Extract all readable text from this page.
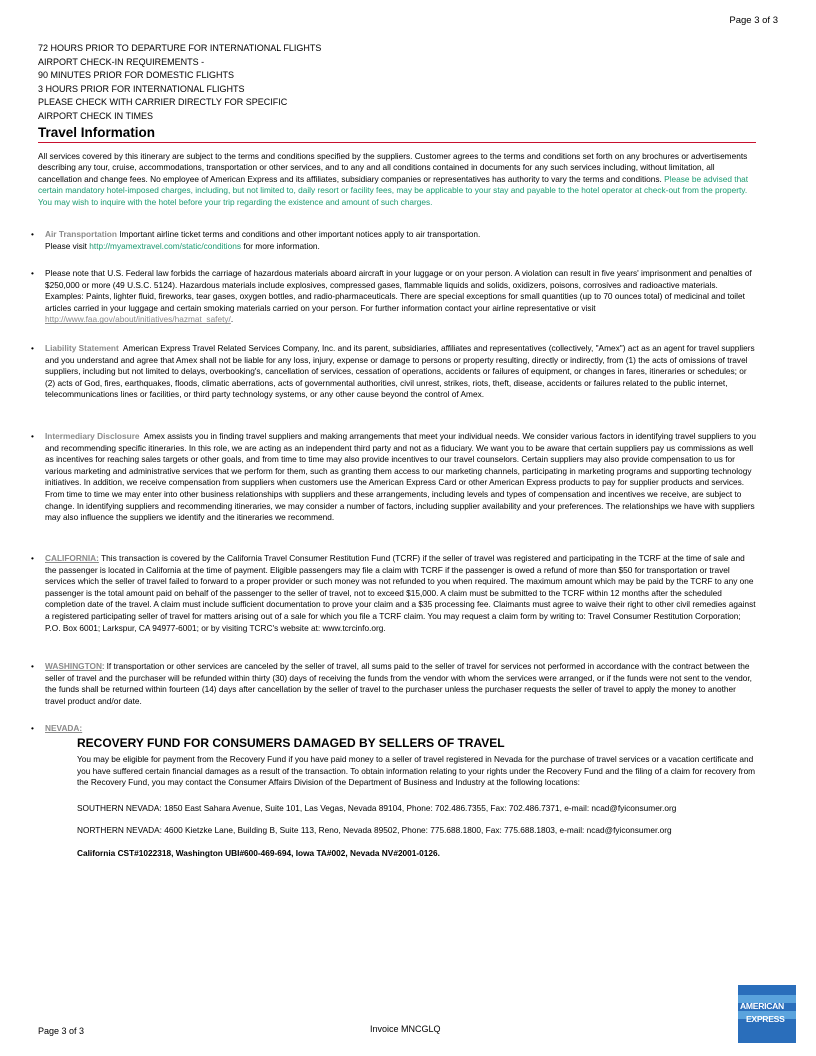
Page 3 of 3
72 HOURS PRIOR TO DEPARTURE FOR INTERNATIONAL FLIGHTS
AIRPORT CHECK-IN REQUIREMENTS -
90 MINUTES PRIOR FOR DOMESTIC FLIGHTS
3 HOURS PRIOR FOR INTERNATIONAL FLIGHTS
PLEASE CHECK WITH CARRIER DIRECTLY FOR SPECIFIC
AIRPORT CHECK IN TIMES
Travel Information
All services covered by this itinerary are subject to the terms and conditions specified by the suppliers. Customer agrees to the terms and conditions set forth on any brochures or advertisements describing any tour, cruise, accommodations, transportation or other services, and to any and all conditions contained in documents for any such services including, without limitation, all cancellation and change fees. No employee of American Express and its affiliates, subsidiary companies or representatives has authority to vary the terms and conditions. Please be advised that certain mandatory hotel-imposed charges, including, but not limited to, daily resort or facility fees, may be applicable to your stay and payable to the hotel operator at check-out from the property. You may wish to inquire with the hotel before your trip regarding the existence and amount of such charges.
• Air Transportation Important airline ticket terms and conditions and other important notices apply to air transportation.
Please visit http://myamextravel.com/static/conditions for more information.
• Please note that U.S. Federal law forbids the carriage of hazardous materials aboard aircraft in your luggage or on your person. A violation can result in five years' imprisonment and penalties of $250,000 or more (49 U.S.C. 5124). Hazardous materials include explosives, compressed gases, flammable liquids and solids, oxidizers, poisons, corrosives and radioactive materials. Examples: Paints, lighter fluid, fireworks, tear gases, oxygen bottles, and radio-pharmaceuticals. There are special exceptions for small quantities (up to 70 ounces total) of medicinal and toilet articles carried in your luggage and certain smoking materials carried on your person. For further information contact your airline representative or visit http://www.faa.gov/about/initiatives/hazmat_safety/.
• Liability Statement American Express Travel Related Services Company, Inc. and its parent, subsidiaries, affiliates and representatives (collectively, "Amex") act as an agent for travel suppliers and you understand and agree that Amex shall not be liable for any loss, injury, expense or damage to persons or property resulting, directly or indirectly, from (1) the acts of omissions of travel suppliers, including but not limited to delays, overbooking's, cancellation of services, cessation of operations, accidents or failures of equipment, or changes in fares, itineraries or schedules; or (2) acts of God, fires, earthquakes, floods, climatic aberrations, acts of governmental authorities, civil unrest, strikes, riots, theft, disease, accidents or failures related to the public internet, telecommunications lines or facilities, or third party technology systems, or any other cause beyond the control of Amex.
• Intermediary Disclosure Amex assists you in finding travel suppliers and making arrangements that meet your individual needs. We consider various factors in identifying travel suppliers to you and recommending specific itineraries. In this role, we are acting as an independent third party and not as a fiduciary. We want you to be aware that certain suppliers pay us commissions as well as incentives for reaching sales targets or other goals, and from time to time may also provide incentives to our travel counselors. Certain suppliers may also provide compensation to us for various marketing and administrative services that we perform for them, such as granting them access to our marketing channels, participating in marketing programs and supporting technology initiatives. In addition, we receive compensation from suppliers when customers use the American Express Card or other American Express products to pay for supplier products and services. From time to time we may enter into other business relationships with suppliers and these arrangements, including levels and types of compensation and incentives we receive, are subject to change. In identifying suppliers and recommending itineraries, we may consider a number of factors, including supplier availability and your preferences. The relationships we have with suppliers may also influence the suppliers we identify and the itineraries we recommend.
• CALIFORNIA: This transaction is covered by the California Travel Consumer Restitution Fund (TCRF) if the seller of travel was registered and participating in the TCRF at the time of sale and the passenger is located in California at the time of payment. Eligible passengers may file a claim with TCRF if the passenger is owed a refund of more than $50 for transportation or travel services which the seller of travel failed to forward to a proper provider or such money was not refunded to you when required. The maximum amount which may be paid by the TCRF to any one passenger is the total amount paid on behalf of the passenger to the seller of travel, not to exceed $15,000. A claim must be submitted to the TCRF within 12 months after the scheduled completion date of the travel. A claim must include sufficient documentation to prove your claim and a $35 processing fee. Claimants must agree to waive their right to other civil remedies against a registered participating seller of travel for matters arising out of a sale for which you file a TCRF claim. You may request a claim form by writing to: Travel Consumer Restitution Corporation; P.O. Box 6001; Larkspur, CA 94977-6001; or by visiting TCRC's website at: www.tcrcinfo.org.
• WASHINGTON: If transportation or other services are canceled by the seller of travel, all sums paid to the seller of travel for services not performed in accordance with the contract between the seller of travel and the purchaser will be refunded within thirty (30) days of receiving the funds from the vendor with whom the services were arranged, or if the funds were not sent to the vendor, the funds shall be returned within fourteen (14) days after cancellation by the seller of travel to the purchaser unless the purchaser requests the seller of travel to apply the money to another travel product and/or date.
• NEVADA:
RECOVERY FUND FOR CONSUMERS DAMAGED BY SELLERS OF TRAVEL
You may be eligible for payment from the Recovery Fund if you have paid money to a seller of travel registered in Nevada for the purchase of travel services or a vacation certificate and you have suffered certain financial damages as a result of the transaction. To obtain information relating to your rights under the Recovery Fund and the filing of a claim for recovery from the Recovery Fund, you may contact the Consumer Affairs Division of the Department of Business and Industry at the following locations:
SOUTHERN NEVADA: 1850 East Sahara Avenue, Suite 101, Las Vegas, Nevada 89104, Phone: 702.486.7355, Fax: 702.486.7371, e-mail: ncad@fyiconsumer.org
NORTHERN NEVADA: 4600 Kietzke Lane, Building B, Suite 113, Reno, Nevada 89502, Phone: 775.688.1800, Fax: 775.688.1803, e-mail: ncad@fyiconsumer.org
California CST#1022318, Washington UBI#600-469-694, Iowa TA#002, Nevada NV#2001-0126.
Page 3 of 3	Invoice MNCGLQ
AMERICAN
EXPRESS
®
